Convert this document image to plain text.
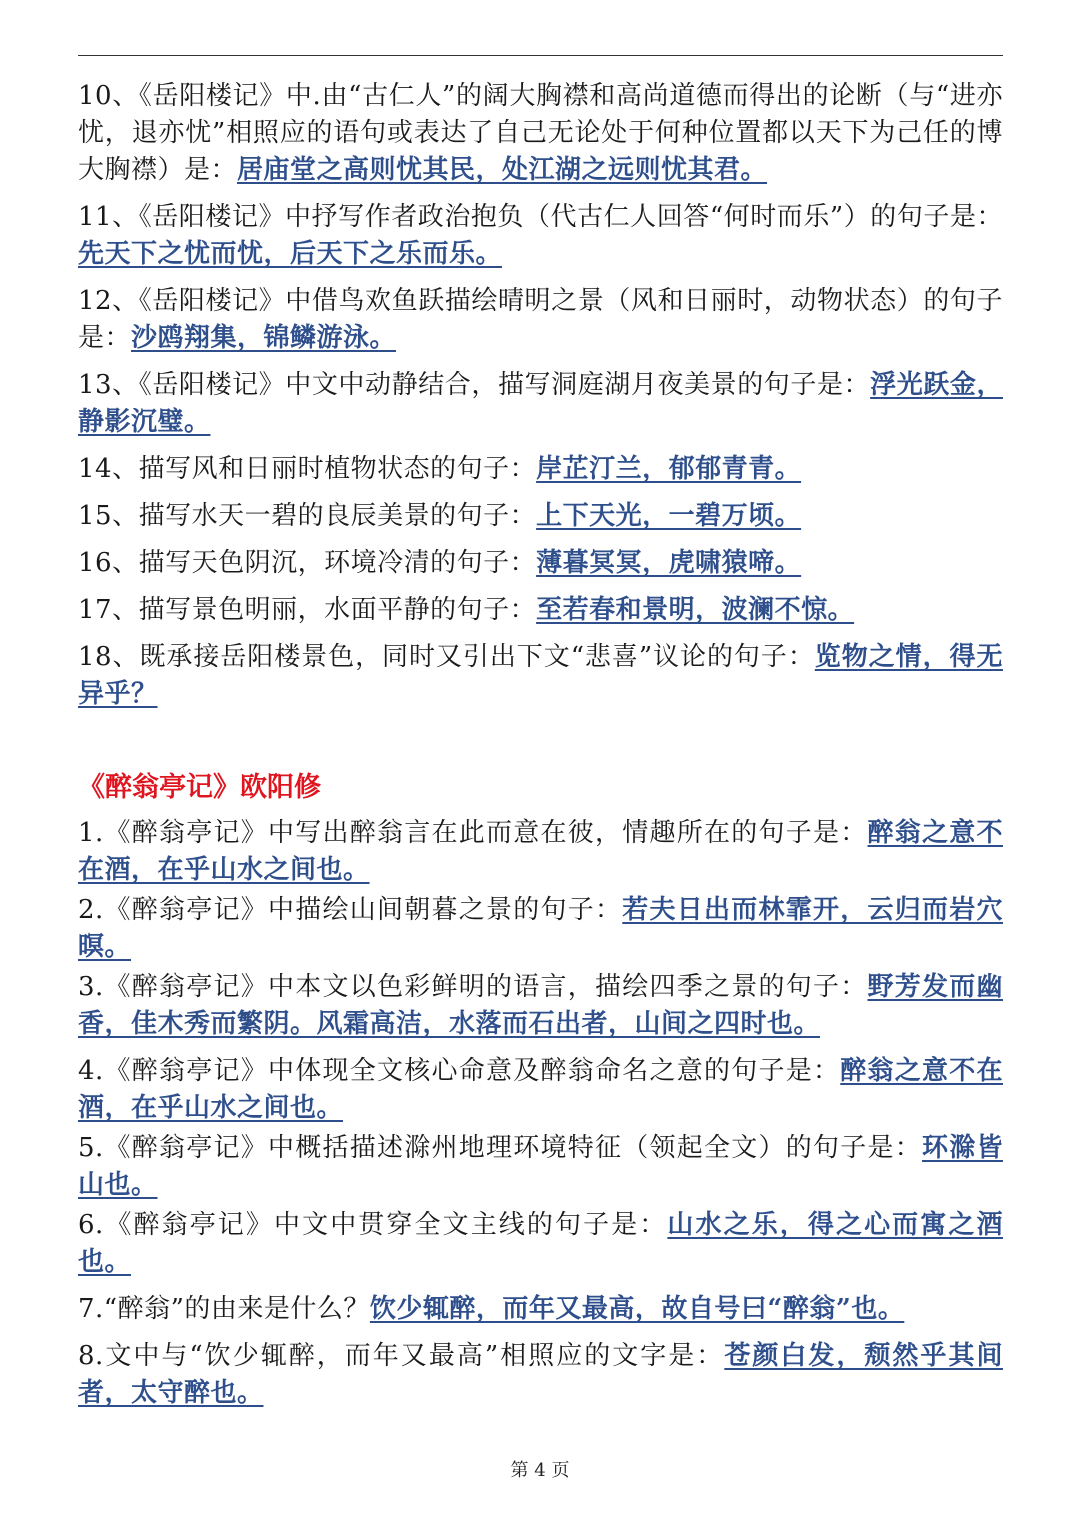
10、《岳阳楼记》中.由“古仁人”的阔大胸襟和高尚道德而得出的论断（与“进亦忧，退亦忧”相照应的语句或表达了自己无论处于何种位置都以天下为己任的博大胸襟）是：居庙堂之高则忧其民，处江湖之远则忧其君。

11、《岳阳楼记》中抒写作者政治抱负（代古仁人回答“何时而乐”）的句子是：先天下之忧而忧，后天下之乐而乐。

12、《岳阳楼记》中借鸟欢鱼跃描绘晴明之景（风和日丽时，动物状态）的句子是：沙鸥翔集，锦鳞游泳。

13、《岳阳楼记》中文中动静结合，描写洞庭湖月夜美景的句子是：浮光跃金，静影沉璧。

14、描写风和日丽时植物状态的句子：岸芷汀兰，郁郁青青。

15、描写水天一碧的良辰美景的句子：上下天光，一碧万顷。

16、描写天色阴沉，环境冷清的句子：薄暮冥冥，虎啸猿啼。

17、描写景色明丽，水面平静的句子：至若春和景明，波澜不惊。

18、既承接岳阳楼景色，同时又引出下文“悲喜”议论的句子：览物之情，得无异乎？

《醉翁亭记》欧阳修

1.《醉翁亭记》中写出醉翁言在此而意在彼，情趣所在的句子是：醉翁之意不在酒，在乎山水之间也。

2.《醉翁亭记》中描绘山间朝暮之景的句子：若夫日出而林霏开，云归而岩穴暝。

3.《醉翁亭记》中本文以色彩鲜明的语言，描绘四季之景的句子：野芳发而幽香，佳木秀而繁阴。风霜高洁，水落而石出者，山间之四时也。

4.《醉翁亭记》中体现全文核心命意及醉翁命名之意的句子是：醉翁之意不在酒，在乎山水之间也。

5.《醉翁亭记》中概括描述滁州地理环境特征（领起全文）的句子是：环滁皆山也。

6.《醉翁亭记》中文中贯穿全文主线的句子是：山水之乐，得之心而寓之酒也。

7.“醉翁”的由来是什么？饮少辄醉，而年又最高，故自号曰“醉翁”也。

8.文中与“饮少辄醉，而年又最高”相照应的文字是：苍颜白发，颓然乎其间者，太守醉也。

第 4 页
